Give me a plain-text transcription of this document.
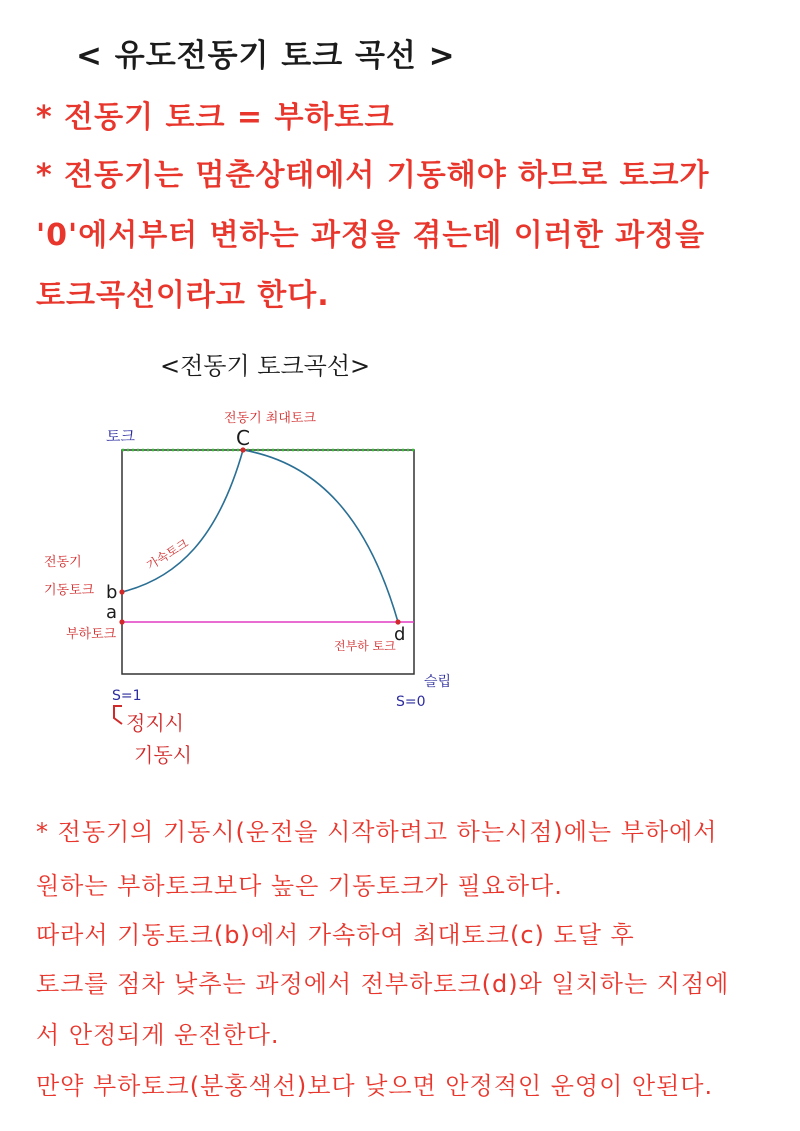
< 유도전동기 토크 곡선 >
* 전동기 토크 = 부하토크
* 전동기는 멈춘상태에서 기동해야 하므로 토크가
'0'에서부터 변하는 과정을 겪는데 이러한 과정을
토크곡선이라고 한다.
<전동기 토크곡선>
토크
전동기 최대토크
C
전동기
기동토크 b
a
부하토크
가속토크
전부하 토크
d
슬립
S=1	S=0
정지시
기동시
* 전동기의 기동시(운전을 시작하려고 하는시점)에는 부하에서
원하는 부하토크보다 높은 기동토크가 필요하다.
따라서 기동토크(b)에서 가속하여 최대토크(c) 도달 후
토크를 점차 낮추는 과정에서 전부하토크(d)와 일치하는 지점에
서 안정되게 운전한다.
만약 부하토크(분홍색선)보다 낮으면 안정적인 운영이 안된다.
